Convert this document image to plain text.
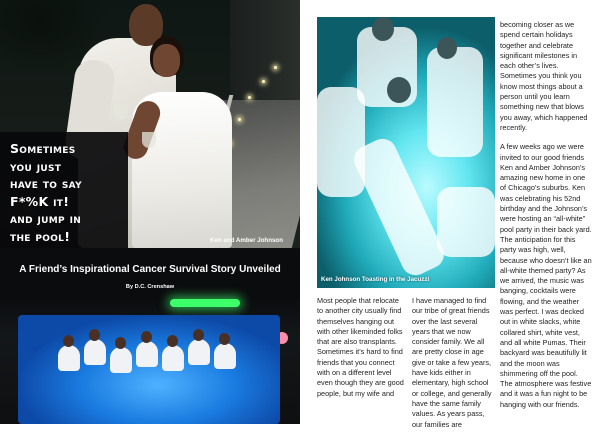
Sometimes
you just
have to say
F*%K it!
and jump in
the pool!	Ken and Amber Johnson
A Friend’s Inspirational Cancer Survival Story Unveiled
By D.C. Crenshaw
Ken Johnson Toasting in the Jacuzzi

becoming closer as we spend certain holidays together and celebrate significant milestones in each other’s lives. Sometimes you think you know most things about a person until you learn something new that blows you away, which happened recently.

A few weeks ago we were invited to our good friends Ken and Amber Johnson’s amazing new home in one of Chicago’s suburbs. Ken was celebrating his 52nd birthday and the Johnson’s were hosting an “all-white” pool party in their back yard. The anticipation for this party was high, well, because who doesn’t like an all-white themed party? As we arrived, the music was banging, cocktails were flowing, and the weather was perfect. I was decked out in white slacks, white collared shirt, white vest, and all white Pumas. Their backyard was beautifully lit and the moon was shimmering off the pool. The atmosphere was festive and it was a fun night to be hanging with our friends.

Most people that relocate to another city usually find themselves hanging out with other likeminded folks that are also transplants. Sometimes it’s hard to find friends that you connect with on a different level even though they are good people, but my wife and

I have managed to find our tribe of great friends over the last several years that we now consider family. We all are pretty close in age give or take a few years, have kids either in elementary, high school or college, and generally have the same family values. As years pass, our families are
